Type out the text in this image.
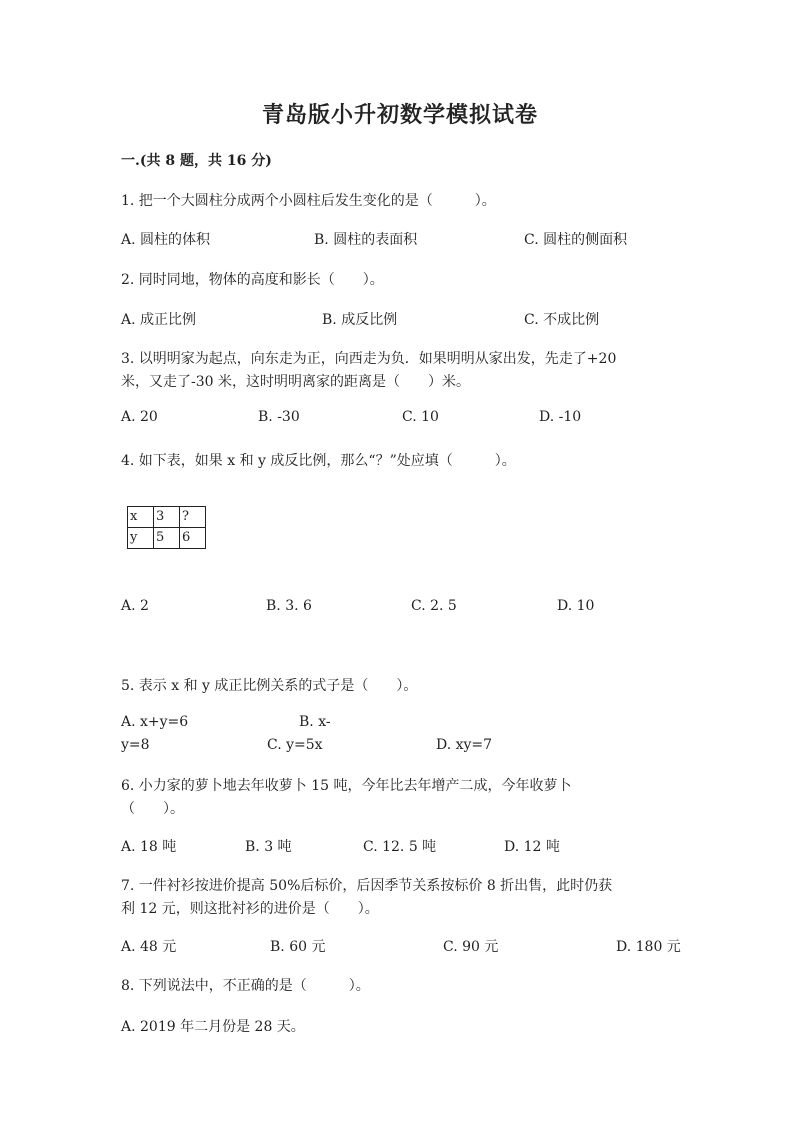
青岛版小升初数学模拟试卷
一.(共 8 题，共 16 分)
1. 把一个大圆柱分成两个小圆柱后发生变化的是（　　　）。
A. 圆柱的体积	B. 圆柱的表面积	C. 圆柱的侧面积
2. 同时同地，物体的高度和影长（　　）。
A. 成正比例	B. 成反比例	C. 不成比例
3. 以明明家为起点，向东走为正，向西走为负．如果明明从家出发，先走了+20
米，又走了-30 米，这时明明离家的距离是（　　）米。
A. 20	B. -30	C. 10	D. -10
4. 如下表，如果 x 和 y 成反比例，那么“？”处应填（　　　）。
x	3	?
y	5	6
A. 2	B. 3. 6	C. 2. 5	D. 10
5. 表示 x 和 y 成正比例关系的式子是（　　）。
A. x+y=6	B. x-
y=8	C. y=5x	D. xy=7
6. 小力家的萝卜地去年收萝卜 15 吨，今年比去年增产二成，今年收萝卜
（　　）。
A. 18 吨	B. 3 吨	C. 12. 5 吨	D. 12 吨
7. 一件衬衫按进价提高 50%后标价，后因季节关系按标价 8 折出售，此时仍获
利 12 元，则这批衬衫的进价是（　　）。
A. 48 元	B. 60 元	C. 90 元	D. 180 元
8. 下列说法中，不正确的是（　　　）。
A. 2019 年二月份是 28 天。
